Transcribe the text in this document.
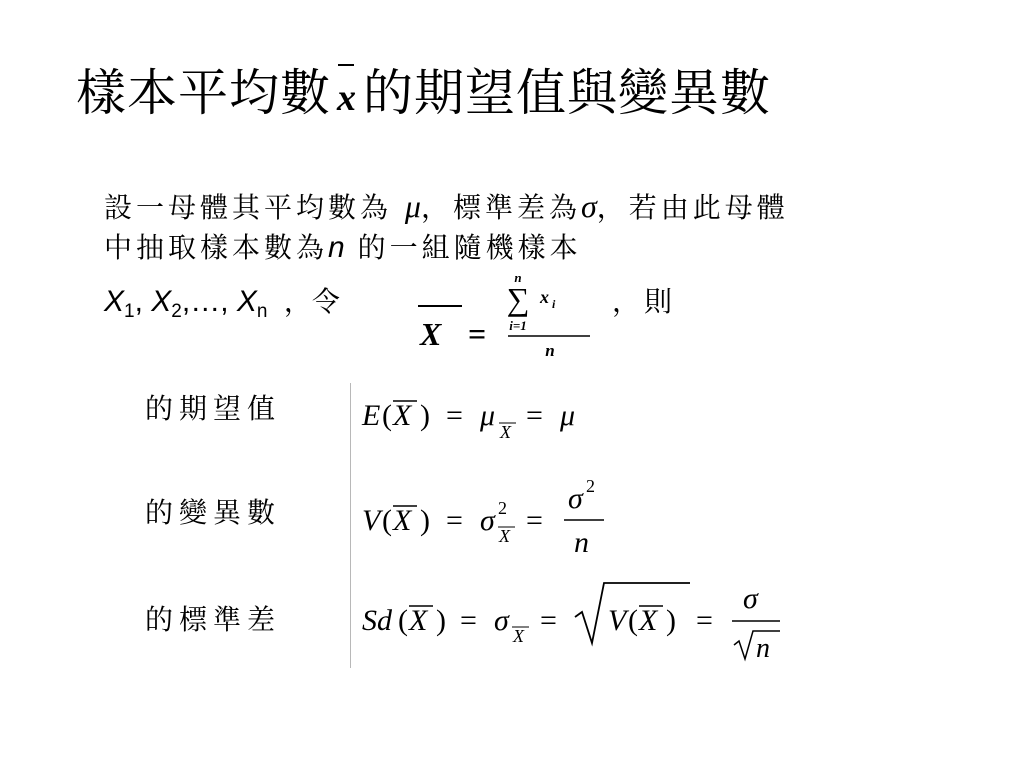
樣本平均數 x 的期望值與變異數
設一母體其平均數為 μ，標準差為σ，若由此母體
中抽取樣本數為n 的一組隨機樣本
$X_1$, $X_2,\dots$, $X_n$ ，令	，則
X =
n
∑
i=1
x i
n
的期望值
的變異數
的標準差
E ( X ) = μ X = μ
V ( X ) = σ 2
X =
σ 2
n
Sd ( X ) = σ X = V ( X ) =
σ
n
